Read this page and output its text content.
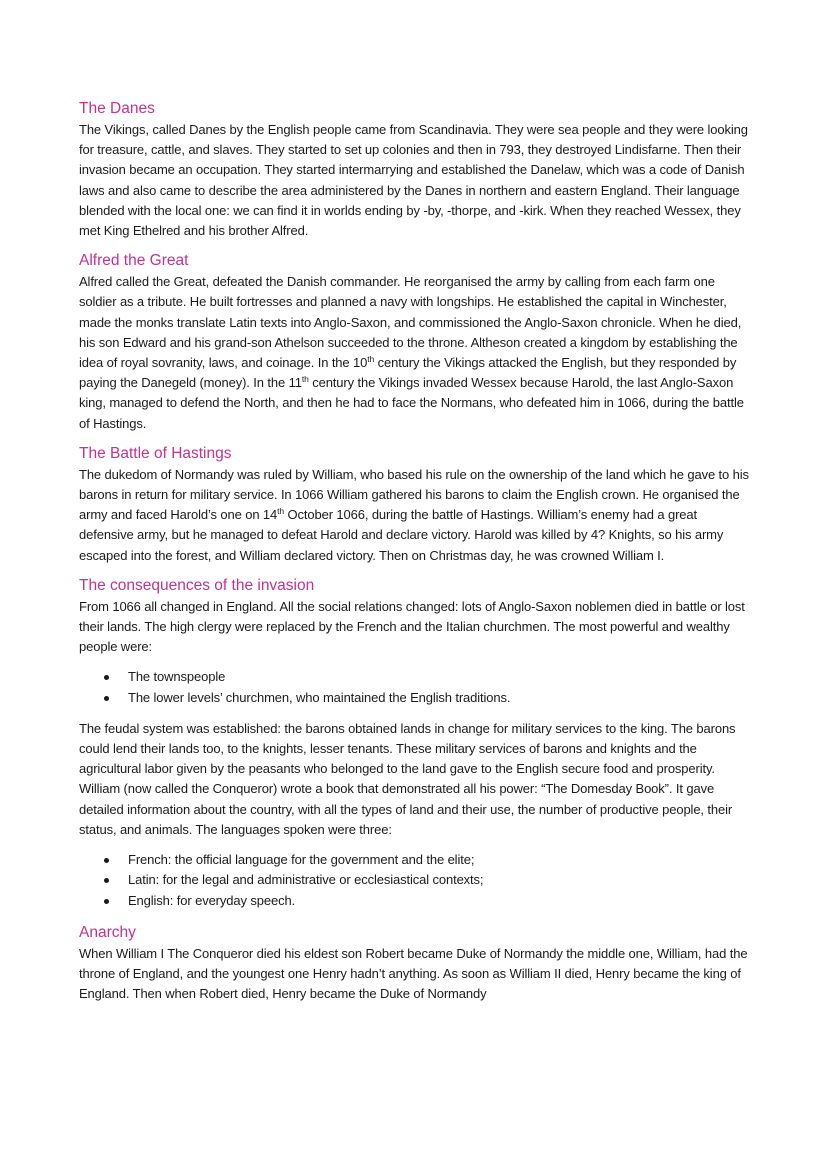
The Danes

The Vikings, called Danes by the English people came from Scandinavia. They were sea people and they were looking for treasure, cattle, and slaves. They started to set up colonies and then in 793, they destroyed Lindisfarne. Then their invasion became an occupation. They started intermarrying and established the Danelaw, which was a code of Danish laws and also came to describe the area administered by the Danes in northern and eastern England. Their language blended with the local one: we can find it in worlds ending by -by, -thorpe, and -kirk. When they reached Wessex, they met King Ethelred and his brother Alfred.

Alfred the Great

Alfred called the Great, defeated the Danish commander. He reorganised the army by calling from each farm one soldier as a tribute. He built fortresses and planned a navy with longships. He established the capital in Winchester, made the monks translate Latin texts into Anglo-Saxon, and commissioned the Anglo-Saxon chronicle. When he died, his son Edward and his grand-son Athelson succeeded to the throne. Altheson created a kingdom by establishing the idea of royal sovranity, laws, and coinage. In the 10th century the Vikings attacked the English, but they responded by paying the Danegeld (money). In the 11th century the Vikings invaded Wessex because Harold, the last Anglo-Saxon king, managed to defend the North, and then he had to face the Normans, who defeated him in 1066, during the battle of Hastings.

The Battle of Hastings

The dukedom of Normandy was ruled by William, who based his rule on the ownership of the land which he gave to his barons in return for military service. In 1066 William gathered his barons to claim the English crown. He organised the army and faced Harold’s one on 14th October 1066, during the battle of Hastings. William’s enemy had a great defensive army, but he managed to defeat Harold and declare victory. Harold was killed by 4? Knights, so his army escaped into the forest, and William declared victory. Then on Christmas day, he was crowned William I.

The consequences of the invasion

From 1066 all changed in England. All the social relations changed: lots of Anglo-Saxon noblemen died in battle or lost their lands. The high clergy were replaced by the French and the Italian churchmen. The most powerful and wealthy people were:

The townspeople
The lower levels’ churchmen, who maintained the English traditions.

The feudal system was established: the barons obtained lands in change for military services to the king. The barons could lend their lands too, to the knights, lesser tenants. These military services of barons and knights and the agricultural labor given by the peasants who belonged to the land gave to the English secure food and prosperity. William (now called the Conqueror) wrote a book that demonstrated all his power: “The Domesday Book”. It gave detailed information about the country, with all the types of land and their use, the number of productive people, their status, and animals. The languages spoken were three:

French: the official language for the government and the elite;
Latin: for the legal and administrative or ecclesiastical contexts;
English: for everyday speech.
Anarchy

When William I The Conqueror died his eldest son Robert became Duke of Normandy the middle one, William, had the throne of England, and the youngest one Henry hadn’t anything. As soon as William II died, Henry became the king of England. Then when Robert died, Henry became the Duke of Normandy
